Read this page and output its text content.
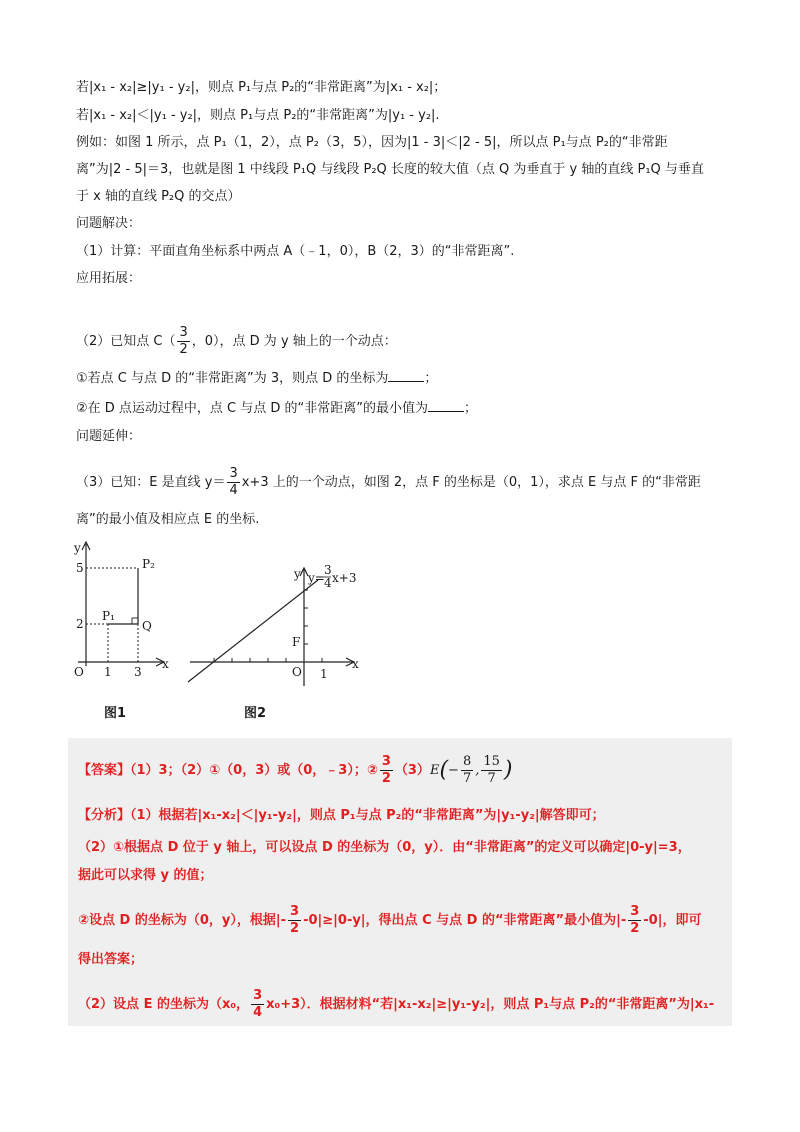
若|x₁ - x₂|≥|y₁ - y₂|，则点 P₁与点 P₂的“非常距离”为|x₁ - x₂|；
若|x₁ - x₂|＜|y₁ - y₂|，则点 P₁与点 P₂的“非常距离”为|y₁ - y₂|.
例如：如图 1 所示，点 P₁（1，2），点 P₂（3，5），因为|1 - 3|＜|2 - 5|，所以点 P₁与点 P₂的“非常距
离”为|2 - 5|＝3，也就是图 1 中线段 P₁Q 与线段 P₂Q 长度的较大值（点 Q 为垂直于 y 轴的直线 P₁Q 与垂直
于 x 轴的直线 P₂Q 的交点）
问题解决：
（1）计算：平面直角坐标系中两点 A（﹣1，0），B（2，3）的“非常距离”.
应用拓展：
（2）已知点 $C( \frac{3}{2}$ ，0），点 D 为 y 轴上的一个动点：
①若点 C 与点 D 的“非常距离”为 3，则点 D 的坐标为	；
②在 D 点运动过程中，点 C 与点 D 的“非常距离”的最小值为	；
问题延伸：
（3）已知：E 是直线 $y= \frac{3}{4} x+3$ 上的一个动点，如图 2，点 F 的坐标是（0，1），求点 E 与点 F 的“非常距
离”的最小值及相应点 E 的坐标.
y
x
O
5
2
1 3
P₂
P₁
Q
图1
y
x
O 1
F
y=
3
4 x+3
图2
【答案】（1）3；（2）①（0，3）或（0，﹣3）；② $\frac{3}{2} (3)E(- \frac{8}{7}$ , $\frac{15}{7}$ )
【分析】（1）根据若|x₁-x₂|＜|y₁-y₂|，则点 P₁与点 P₂的“非常距离”为|y₁-y₂|解答即可；
（2）①根据点 D 位于 y 轴上，可以设点 D 的坐标为（0，y）．由“非常距离”的定义可以确定|0-y|=3，
据此可以求得 y 的值；
②设点 D 的坐标为（0，y），根据|- $\frac{3}{2} -0|\ge|0-y|$，得出点 C 与点 D 的“非常距离”最小值为|- $\frac{3}{2} -0|$，即可
得出答案；
（2）设点 E 的坐标为（x₀， $\frac{3}{4} x_0+3$）．根据材料“若|x₁-x₂|≥|y₁-y₂|，则点 P₁与点 P₂的“非常距离”为|x₁-
